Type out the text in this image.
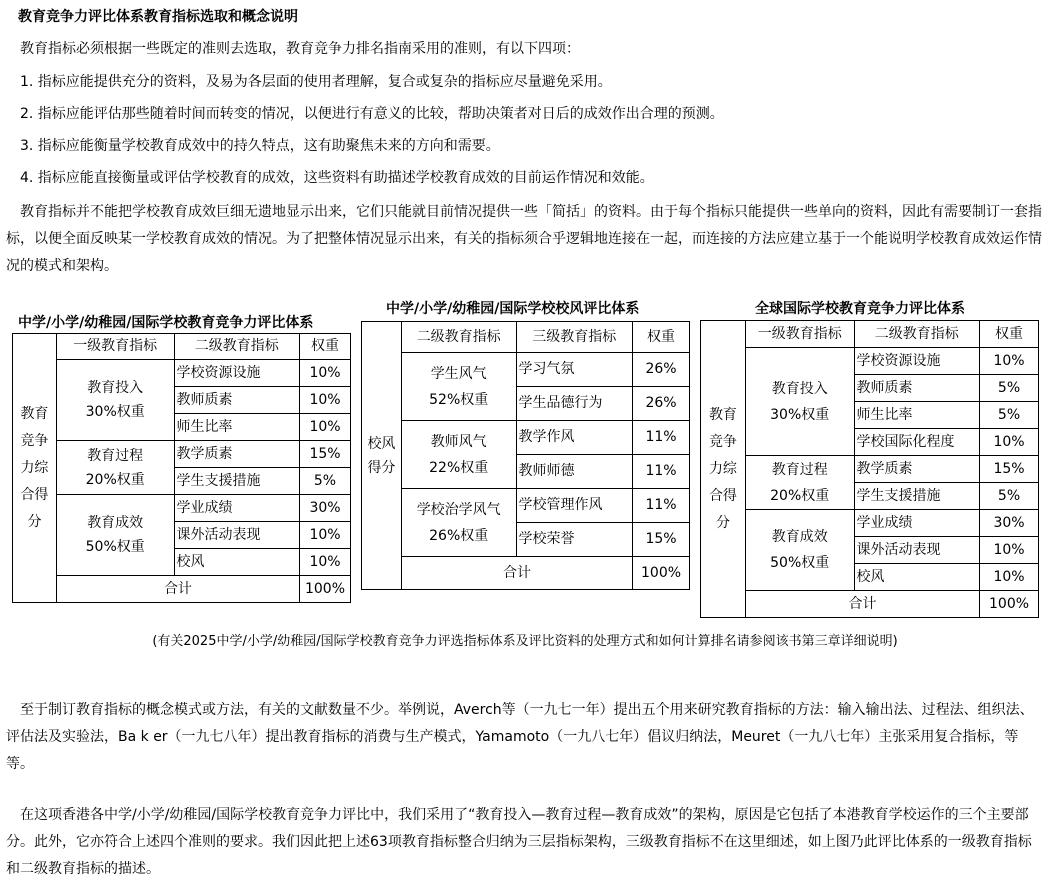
教育竞争力评比体系教育指标选取和概念说明
教育指标必须根据一些既定的准则去选取，教育竞争力排名指南采用的准则，有以下四项：
1. 指标应能提供充分的资料，及易为各层面的使用者理解，复合或复杂的指标应尽量避免采用。
2. 指标应能评估那些随着时间而转变的情况，以便进行有意义的比较，帮助决策者对日后的成效作出合理的预测。
3. 指标应能衡量学校教育成效中的持久特点，这有助聚焦未来的方向和需要。
4. 指标应能直接衡量或评估学校教育的成效，这些资料有助描述学校教育成效的目前运作情况和效能。
教育指标并不能把学校教育成效巨细无遗地显示出来，它们只能就目前情况提供一些「简括」的资料。由于每个指标只能提供一些单向的资料，因此有需要制订一套指标，以便全面反映某一学校教育成效的情况。为了把整体情况显示出来，有关的指标须合乎逻辑地连接在一起，而连接的方法应建立基于一个能说明学校教育成效运作情况的模式和架构。
中学/小学/幼稚园/国际学校教育竞争力评比体系
教育竞争力综合得分	一级教育指标	二级教育指标	权重
	教育投入
30%权重	学校资源设施	10%
		教师质素	10%
		师生比率	10%
	教育过程
20%权重	教学质素	15%
		学生支援措施	5%
	教育成效
50%权重	学业成绩	30%
		课外活动表现	10%
		校风	10%
	合计		100%
中学/小学/幼稚园/国际学校校风评比体系
校风得分	二级教育指标	三级教育指标	权重
	学生风气
52%权重	学习气氛	26%
		学生品德行为	26%
	教师风气
22%权重	教学作风	11%
		教师师德	11%
	学校治学风气
26%权重	学校管理作风	11%
		学校荣誉	15%
	合计		100%
全球国际学校教育竞争力评比体系
教育竞争力综合得分	一级教育指标	二级教育指标	权重
	教育投入
30%权重	学校资源设施	10%
		教师质素	5%
		师生比率	5%
		学校国际化程度	10%
	教育过程
20%权重	教学质素	15%
		学生支援措施	5%
	教育成效
50%权重	学业成绩	30%
		课外活动表现	10%
		校风	10%
	合计		100%
(有关2025中学/小学/幼稚园/国际学校教育竞争力评选指标体系及评比资料的处理方式和如何计算排名请参阅该书第三章详细说明)
至于制订教育指标的概念模式或方法，有关的文献数量不少。举例说，Averch等（一九七一年）提出五个用来研究教育指标的方法：输入输出法、过程法、组织法、评估法及实验法，Ba k er（一九七八年）提出教育指标的消费与生产模式，Yamamoto（一九八七年）倡议归纳法，Meuret（一九八七年）主张采用复合指标，等等。
在这项香港各中学/小学/幼稚园/国际学校教育竞争力评比中，我们采用了“教育投入—教育过程—教育成效”的架构，原因是它包括了本港教育学校运作的三个主要部分。此外，它亦符合上述四个准则的要求。我们因此把上述63项教育指标整合归纳为三层指标架构，三级教育指标不在这里细述，如上图乃此评比体系的一级教育指标和二级教育指标的描述。
